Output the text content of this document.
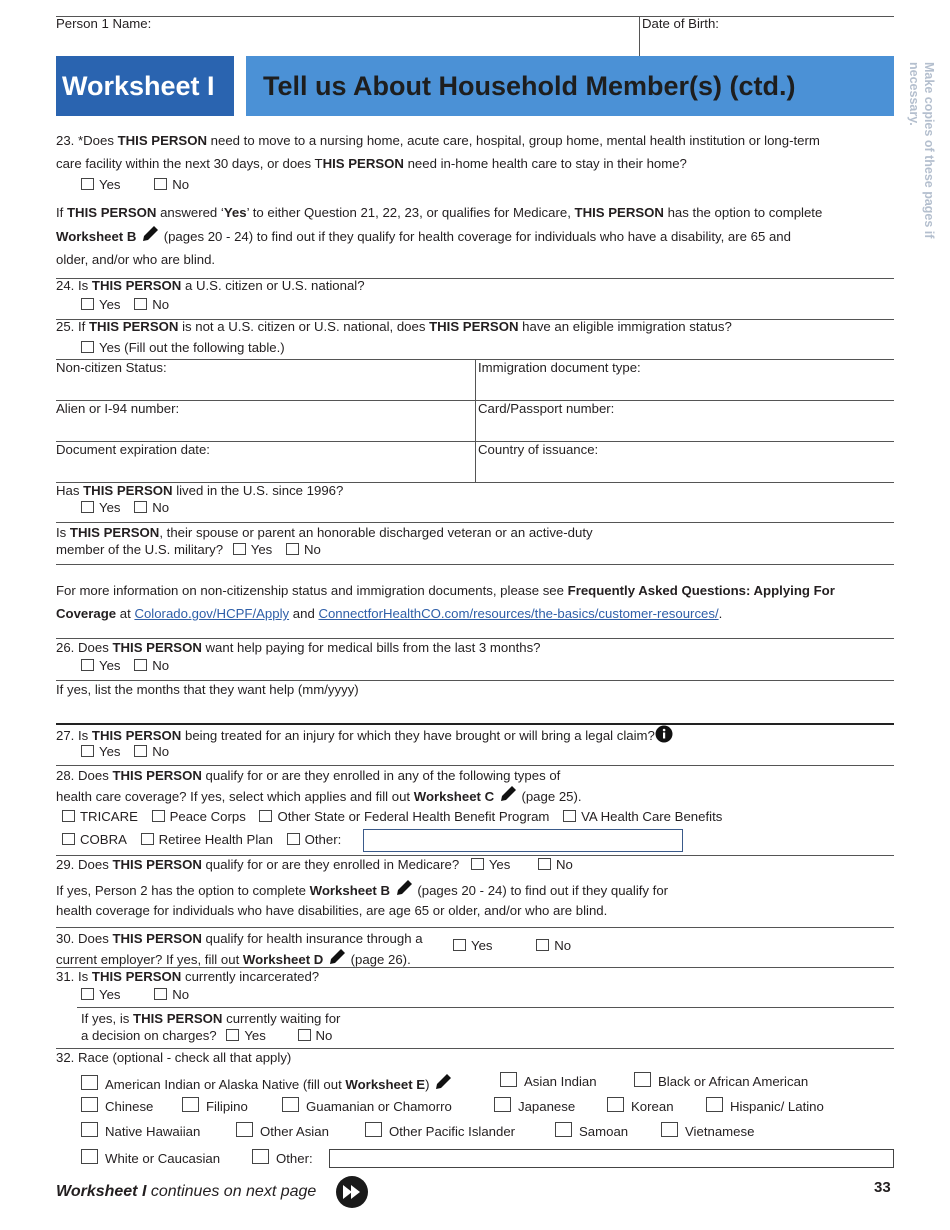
Person 1 Name:	Date of Birth:
Worksheet I	Tell us About Household Member(s) (ctd.)	Make copies of these pages if necessary.
23. *Does THIS PERSON need to move to a nursing home, acute care, hospital, group home, mental health institution or long-term
care facility within the next 30 days, or does THIS PERSON need in-home health care to stay in their home?
Yes	No
If THIS PERSON answered ‘Yes’ to either Question 21, 22, 23, or qualifies for Medicare, THIS PERSON has the option to complete
Worksheet B  (pages 20 - 24) to find out if they qualify for health coverage for individuals who have a disability, are 65 and
older, and/or who are blind.
24. Is THIS PERSON a U.S. citizen or U.S. national?
Yes No
25. If THIS PERSON is not a U.S. citizen or U.S. national, does THIS PERSON have an eligible immigration status?
Yes (Fill out the following table.)
Non-citizen Status:	Immigration document type:
Alien or I-94 number:	Card/Passport number:
Document expiration date:	Country of issuance:
Has THIS PERSON lived in the U.S. since 1996?
Yes No
Is THIS PERSON, their spouse or parent an honorable discharged veteran or an active-duty
member of the U.S. military? Yes No
For more information on non-citizenship status and immigration documents, please see Frequently Asked Questions: Applying For
Coverage at Colorado.gov/HCPF/Apply and ConnectforHealthCO.com/resources/the-basics/customer-resources/.
26. Does THIS PERSON want help paying for medical bills from the last 3 months?
Yes No
If yes, list the months that they want help (mm/yyyy)
27. Is THIS PERSON being treated for an injury for which they have brought or will bring a legal claim?
Yes No
28. Does THIS PERSON qualify for or are they enrolled in any of the following types of
health care coverage? If yes, select which applies and fill out Worksheet C  (page 25).
TRICARE Peace Corps Other State or Federal Health Benefit Program VA Health Care Benefits
COBRA Retiree Health Plan Other:
29. Does THIS PERSON qualify for or are they enrolled in Medicare? Yes	No
If yes, Person 2 has the option to complete Worksheet B  (pages 20 - 24) to find out if they qualify for
health coverage for individuals who have disabilities, are age 65 or older, and/or who are blind.
30. Does THIS PERSON qualify for health insurance through a
current employer? If yes, fill out Worksheet D  (page 26).
Yes	No
31. Is THIS PERSON currently incarcerated?
Yes	No
If yes, is THIS PERSON currently waiting for
a decision on charges? Yes	No
32. Race (optional - check all that apply)
American Indian or Alaska Native (fill out Worksheet E)	Asian Indian	Black or African American
Chinese	Filipino	Guamanian or Chamorro	Japanese	Korean	Hispanic/ Latino
Native Hawaiian	Other Asian	Other Pacific Islander	Samoan	Vietnamese
White or Caucasian	Other:
Worksheet I continues on next page	33
